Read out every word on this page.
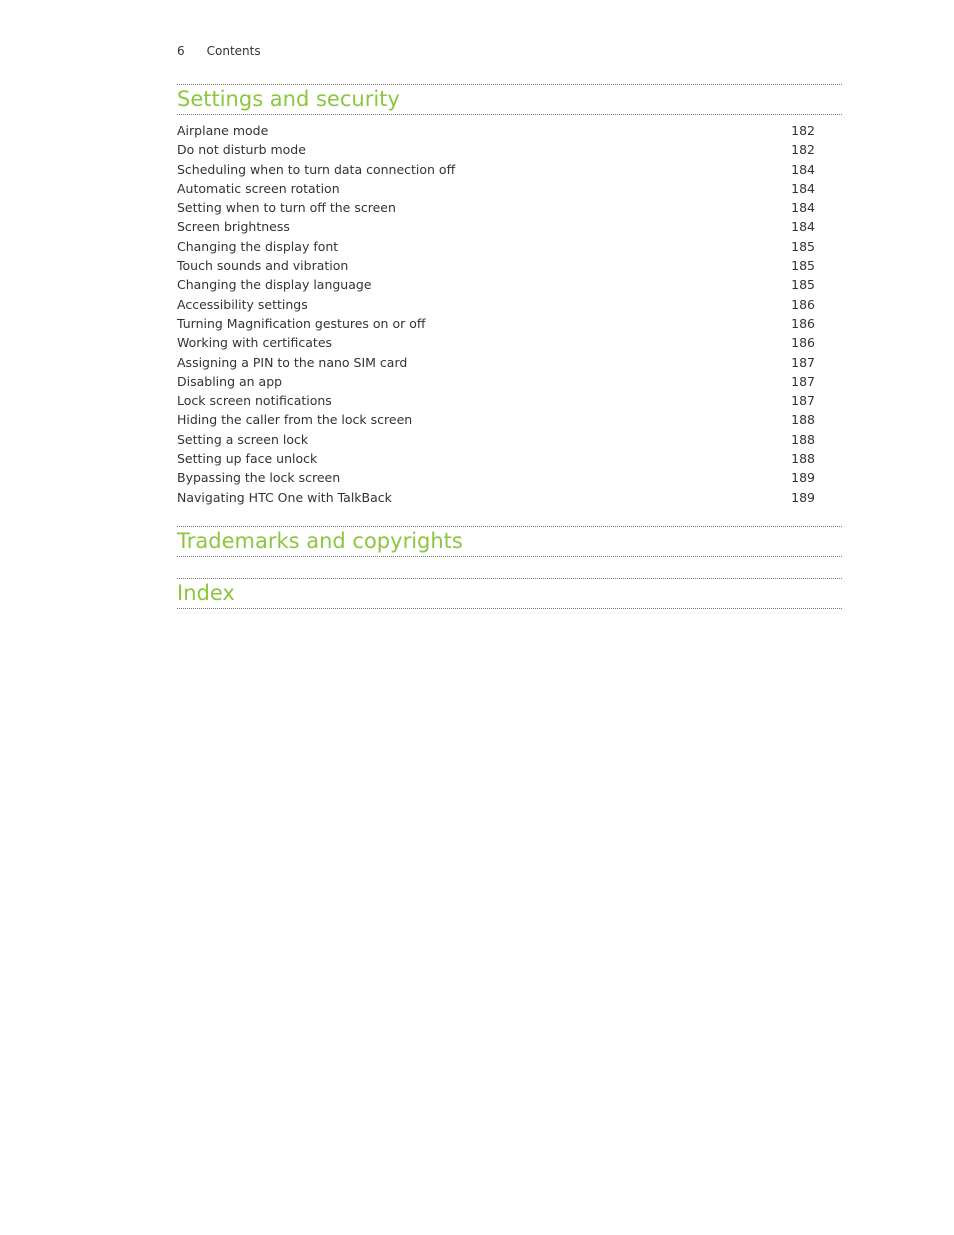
6 Contents
Settings and security
Airplane mode	182
Do not disturb mode	182
Scheduling when to turn data connection off	184
Automatic screen rotation	184
Setting when to turn off the screen	184
Screen brightness	184
Changing the display font	185
Touch sounds and vibration	185
Changing the display language	185
Accessibility settings	186
Turning Magnification gestures on or off	186
Working with certificates	186
Assigning a PIN to the nano SIM card	187
Disabling an app	187
Lock screen notifications	187
Hiding the caller from the lock screen	188
Setting a screen lock	188
Setting up face unlock	188
Bypassing the lock screen	189
Navigating HTC One with TalkBack	189
Trademarks and copyrights
Index
